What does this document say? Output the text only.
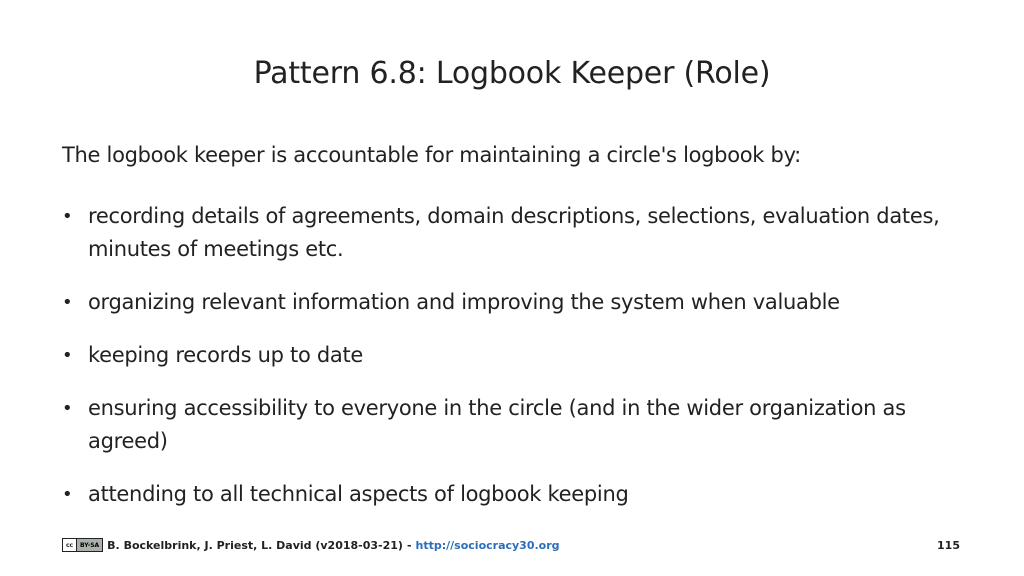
Pattern 6.8: Logbook Keeper (Role)
The logbook keeper is accountable for maintaining a circle's logbook by:
• recording details of agreements, domain descriptions, selections, evaluation dates, minutes of meetings etc.
• organizing relevant information and improving the system when valuable
• keeping records up to date
• ensuring accessibility to everyone in the circle (and in the wider organization as agreed)
• attending to all technical aspects of logbook keeping
cc	BY-SA B. Bockelbrink, J. Priest, L. David (v2018-03-21) - http://sociocracy30.org	115
